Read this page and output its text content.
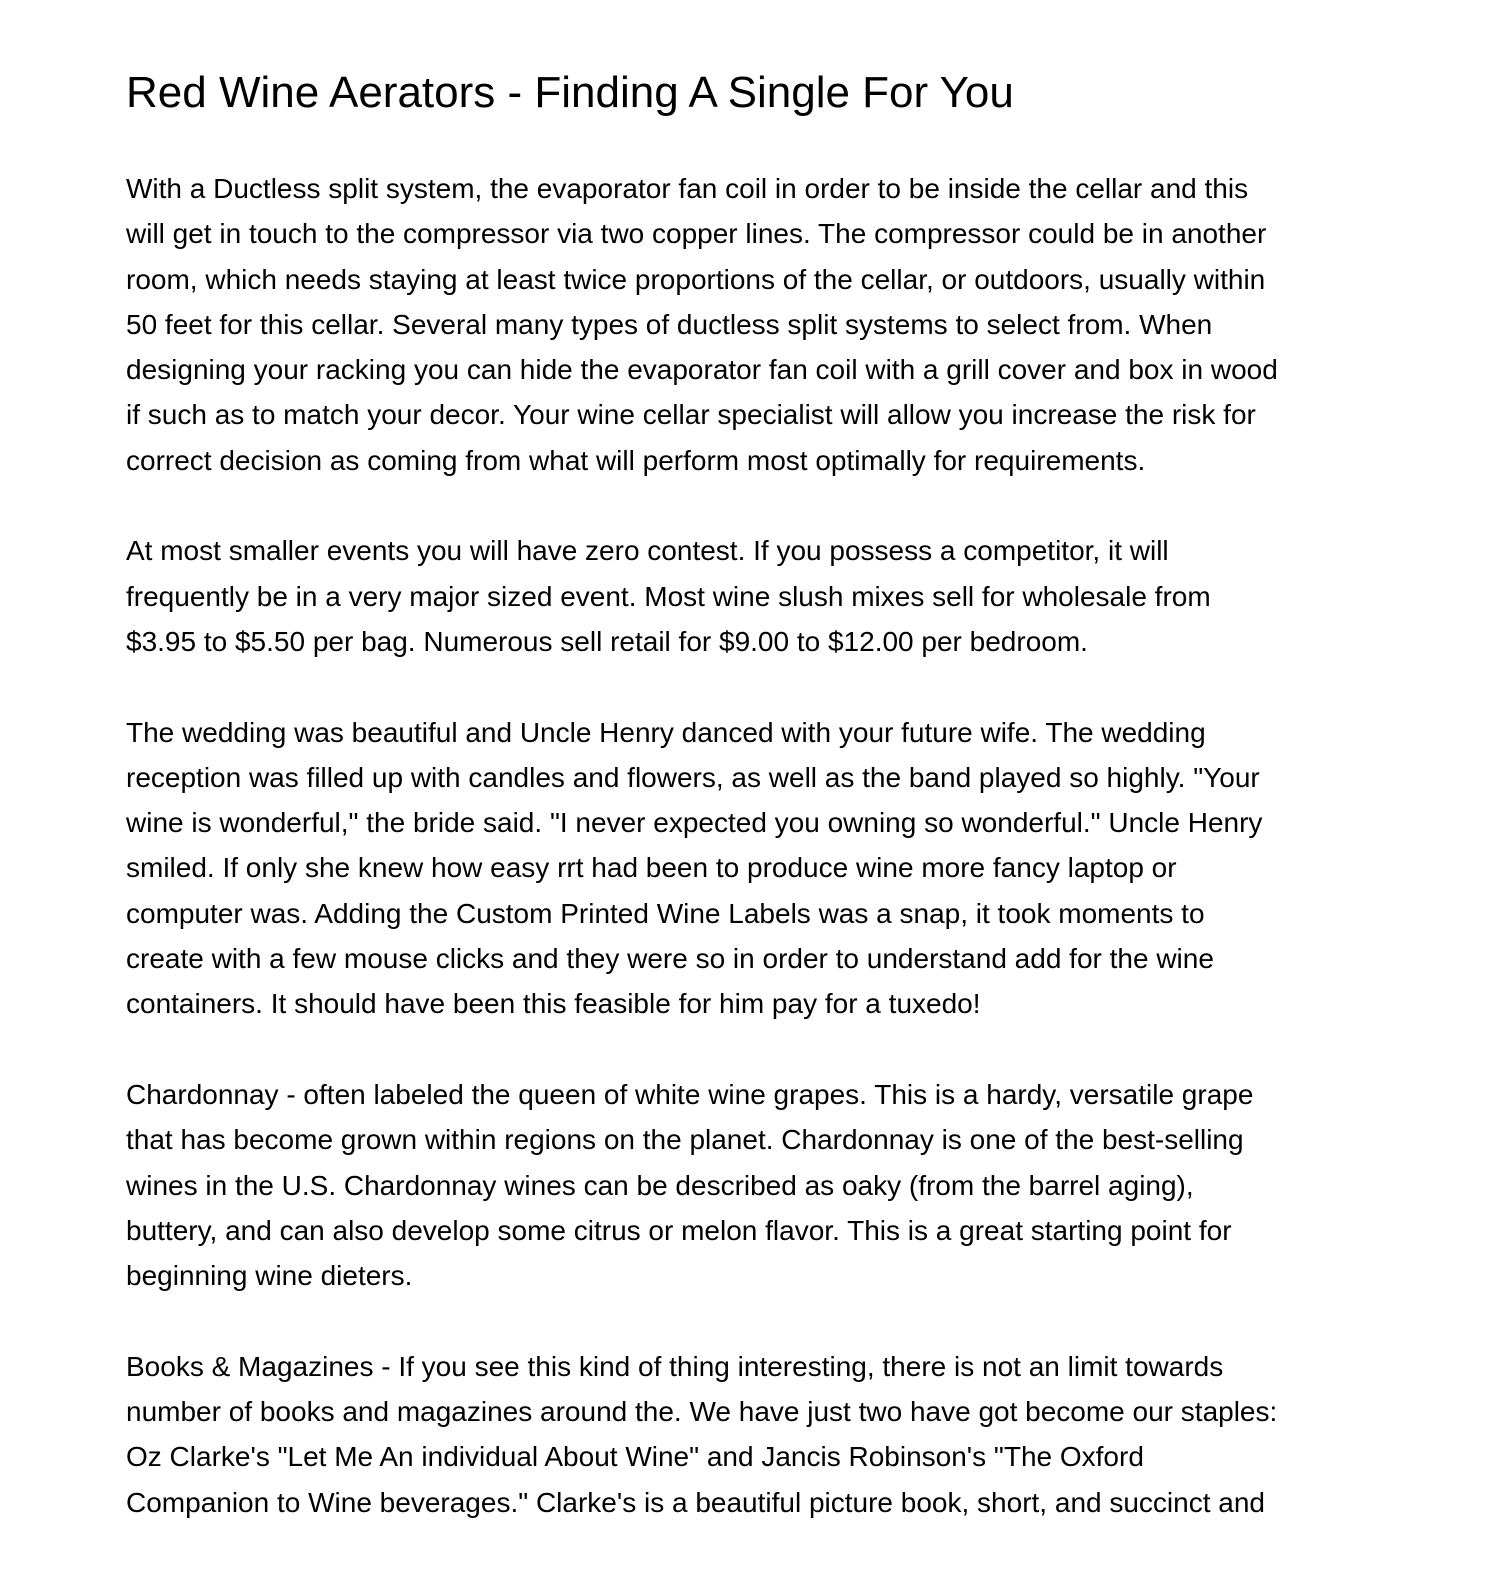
Red Wine Aerators - Finding A Single For You
With a Ductless split system, the evaporator fan coil in order to be inside the cellar and this
will get in touch to the compressor via two copper lines. The compressor could be in another
room, which needs staying at least twice proportions of the cellar, or outdoors, usually within
50 feet for this cellar. Several many types of ductless split systems to select from. When
designing your racking you can hide the evaporator fan coil with a grill cover and box in wood
if such as to match your decor. Your wine cellar specialist will allow you increase the risk for
correct decision as coming from what will perform most optimally for requirements.
At most smaller events you will have zero contest. If you possess a competitor, it will
frequently be in a very major sized event. Most wine slush mixes sell for wholesale from
$3.95 to $5.50 per bag. Numerous sell retail for $9.00 to $12.00 per bedroom.
The wedding was beautiful and Uncle Henry danced with your future wife. The wedding
reception was filled up with candles and flowers, as well as the band played so highly. "Your
wine is wonderful," the bride said. "I never expected you owning so wonderful." Uncle Henry
smiled. If only she knew how easy rrt had been to produce wine more fancy laptop or
computer was. Adding the Custom Printed Wine Labels was a snap, it took moments to
create with a few mouse clicks and they were so in order to understand add for the wine
containers. It should have been this feasible for him pay for a tuxedo!
Chardonnay - often labeled the queen of white wine grapes. This is a hardy, versatile grape
that has become grown within regions on the planet. Chardonnay is one of the best-selling
wines in the U.S. Chardonnay wines can be described as oaky (from the barrel aging),
buttery, and can also develop some citrus or melon flavor. This is a great starting point for
beginning wine dieters.
Books & Magazines - If you see this kind of thing interesting, there is not an limit towards
number of books and magazines around the. We have just two have got become our staples:
Oz Clarke's "Let Me An individual About Wine" and Jancis Robinson's "The Oxford
Companion to Wine beverages." Clarke's is a beautiful picture book, short, and succinct and
